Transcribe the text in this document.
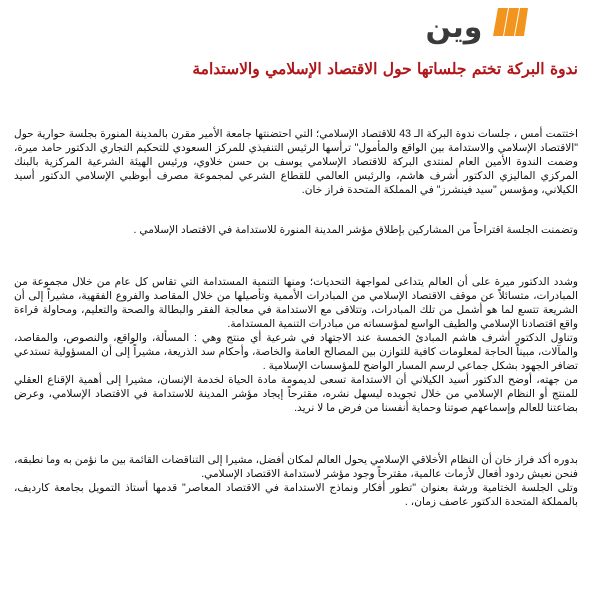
وين
ندوة البركة تختم جلساتها حول الاقتصاد الإسلامي والاستدامة

اختتمت أمس ، جلسات ندوة البركة الـ 43 للاقتصاد الإسلامي؛ التي احتضنتها جامعة الأمير مقرن بالمدينة المنورة بجلسة حوارية حول "الاقتصاد الإسلامي والاستدامة بين الواقع والمأمول" ترأسها الرئيس التنفيذي للمركز السعودي للتحكيم التجاري الدكتور حامد ميرة، وضمت الندوة الأمين العام لمنتدى البركة للاقتصاد الإسلامي يوسف بن حسن خلاوي، ورئيس الهيئة الشرعية المركزية بالبنك المركزي الماليزي الدكتور أشرف هاشم، والرئيس العالمي للقطاع الشرعي لمجموعة مصرف أبوظبي الإسلامي الدكتور أسيد الكيلاني، ومؤسس "سيد فينشرز" في المملكة المتحدة فراز خان.

وتضمنت الجلسة اقتراحاً من المشاركين بإطلاق مؤشر المدينة المنورة للاستدامة في الاقتصاد الإسلامي .

وشدد الدكتور ميرة على أن العالم يتداعى لمواجهة التحديات؛ ومنها التنمية المستدامة التي تقاس كل عام من خلال مجموعة من المبادرات، متسائلاً عن موقف الاقتصاد الإسلامي من المبادرات الأممية وتأصيلها من خلال المقاصد والفروع الفقهية، مشيراً إلى أن الشريعة تتسع لما هو أشمل من تلك المبادرات، وتتلاقى مع الاستدامة في معالجة الفقر والبطالة والصحة والتعليم، ومحاولة قراءة واقع اقتصادنا الإسلامي والطيف الواسع لمؤسساته من مبادرات التنمية المستدامة.

وتناول الدكتور أشرف هاشم المبادئ الخمسة عند الاجتهاد في شرعية أي منتج وهي : المسألة، والواقع، والنصوص، والمقاصد، والمآلات، مبيناً الحاجة لمعلومات كافية للتوازن بين المصالح العامة والخاصة، وأحكام سد الذريعة، مشيراً إلى أن المسؤولية تستدعي تضافر الجهود بشكل جماعي لرسم المسار الواضح للمؤسسات الإسلامية .

من جهته، أوضح الدكتور أسيد الكيلاني أن الاستدامة تسعى لديمومة مادة الحياة لخدمة الإنسان، مشيرا إلى أهمية الإقناع العقلي للمنتج أو النظام الإسلامي من خلال تجويده ليسهل نشره، مقترحاً إيجاد مؤشر المدينة للاستدامة في الاقتصاد الإسلامي، وعرض بضاعتنا للعالم وإسماعهم صوتنا وحماية أنفسنا من فرض ما لا نريد.

بدوره أكد فراز خان أن النظام الأخلاقي الإسلامي يحول العالم لمكان أفضل، مشيرا إلى التناقضات القائمة بين ما نؤمن به وما نطبقه، فنحن نعيش ردود أفعال لأزمات عالمية، مقترحاً وجود مؤشر لاستدامة الاقتصاد الإسلامي.

وتلى الجلسة الختامية ورشة بعنوان "تطور أفكار ونماذج الاستدامة في الاقتصاد المعاصر" قدمها أستاذ التمويل بجامعة كارديف، بالمملكة المتحدة الدكتور عاصف زمان، .
